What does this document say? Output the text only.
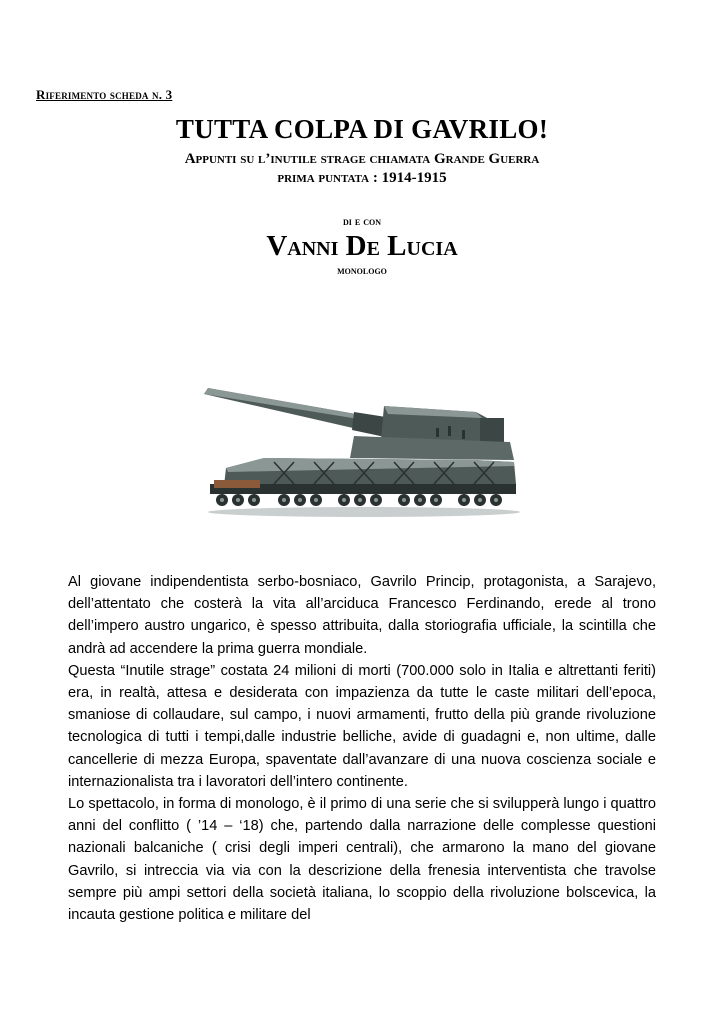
Riferimento scheda n. 3
TUTTA COLPA DI GAVRILO!
Appunti su l’inutile strage chiamata Grande Guerra
prima puntata : 1914-1915
di e con
Vanni De Lucia
monologo

Al giovane indipendentista serbo-bosniaco, Gavrilo Princip, protagonista, a Sarajevo, dell’attentato che costerà la vita all’arciduca Francesco Ferdinando, erede al trono dell’impero austro ungarico, è spesso attribuita, dalla storiografia ufficiale, la scintilla che andrà ad accendere la prima guerra mondiale.

Questa “Inutile strage” costata 24 milioni di morti (700.000 solo in Italia e altrettanti feriti) era, in realtà, attesa e desiderata con impazienza da tutte le caste militari dell’epoca, smaniose di collaudare, sul campo, i nuovi armamenti, frutto della più grande rivoluzione tecnologica di tutti i tempi,dalle industrie belliche, avide di guadagni e, non ultime, dalle cancellerie di mezza Europa, spaventate dall’avanzare di una nuova coscienza sociale e internazionalista tra i lavoratori dell’intero continente.

Lo spettacolo, in forma di monologo, è il primo di una serie che si svilupperà lungo i quattro anni del conflitto ( ’14 – ‘18) che, partendo dalla narrazione delle complesse questioni nazionali balcaniche ( crisi degli imperi centrali), che armarono la mano del giovane Gavrilo, si intreccia via via con la descrizione della frenesia interventista che travolse sempre più ampi settori della società italiana, lo scoppio della rivoluzione bolscevica, la incauta gestione politica e militare del
